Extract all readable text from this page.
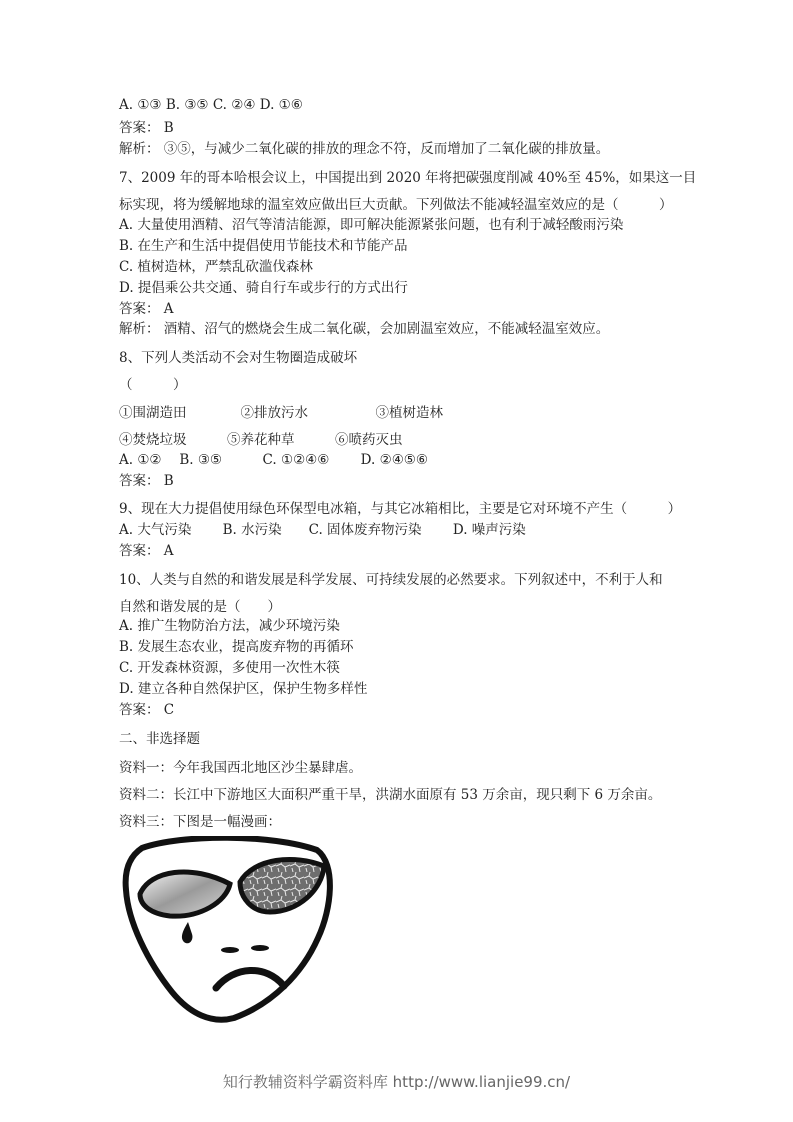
A. ①③ B. ③⑤ C. ②④ D. ①⑥
答案： B
解析： ③⑤，与减少二氧化碳的排放的理念不符，反而增加了二氧化碳的排放量。
7、2009 年的哥本哈根会议上，中国提出到 2020 年将把碳强度削减 40%至 45%，如果这一目
标实现，将为缓解地球的温室效应做出巨大贡献。下列做法不能减轻温室效应的是（　　　）
A. 大量使用酒精、沼气等清洁能源，即可解决能源紧张问题，也有利于减轻酸雨污染
B. 在生产和生活中提倡使用节能技术和节能产品
C. 植树造林，严禁乱砍滥伐森林
D. 提倡乘公共交通、骑自行车或步行的方式出行
答案： A
解析： 酒精、沼气的燃烧会生成二氧化碳，会加剧温室效应，不能减轻温室效应。
8、下列人类活动不会对生物圈造成破坏
（　　　）
①围湖造田　　　　②排放污水　　　　　③植树造林
④焚烧垃圾　　　⑤养花种草　　　⑥喷药灭虫
A. ①②　 B. ③⑤　　　C. ①②④⑥　　 D. ②④⑤⑥
答案： B
9、现在大力提倡使用绿色环保型电冰箱，与其它冰箱相比，主要是它对环境不产生（　　　）
A. 大气污染　　 B. 水污染　　C. 固体废弃物污染　　 D. 噪声污染
答案： A
10、人类与自然的和谐发展是科学发展、可持续发展的必然要求。下列叙述中，不利于人和
自然和谐发展的是（　　）
A. 推广生物防治方法，减少环境污染
B. 发展生态农业，提高废弃物的再循环
C. 开发森林资源，多使用一次性木筷
D. 建立各种自然保护区，保护生物多样性
答案： C
二、非选择题
资料一：今年我国西北地区沙尘暴肆虐。
资料二：长江中下游地区大面积严重干旱，洪湖水面原有 53 万余亩，现只剩下 6 万余亩。
资料三：下图是一幅漫画：
知行教辅资料学霸资料库 http://www.lianjie99.cn/
